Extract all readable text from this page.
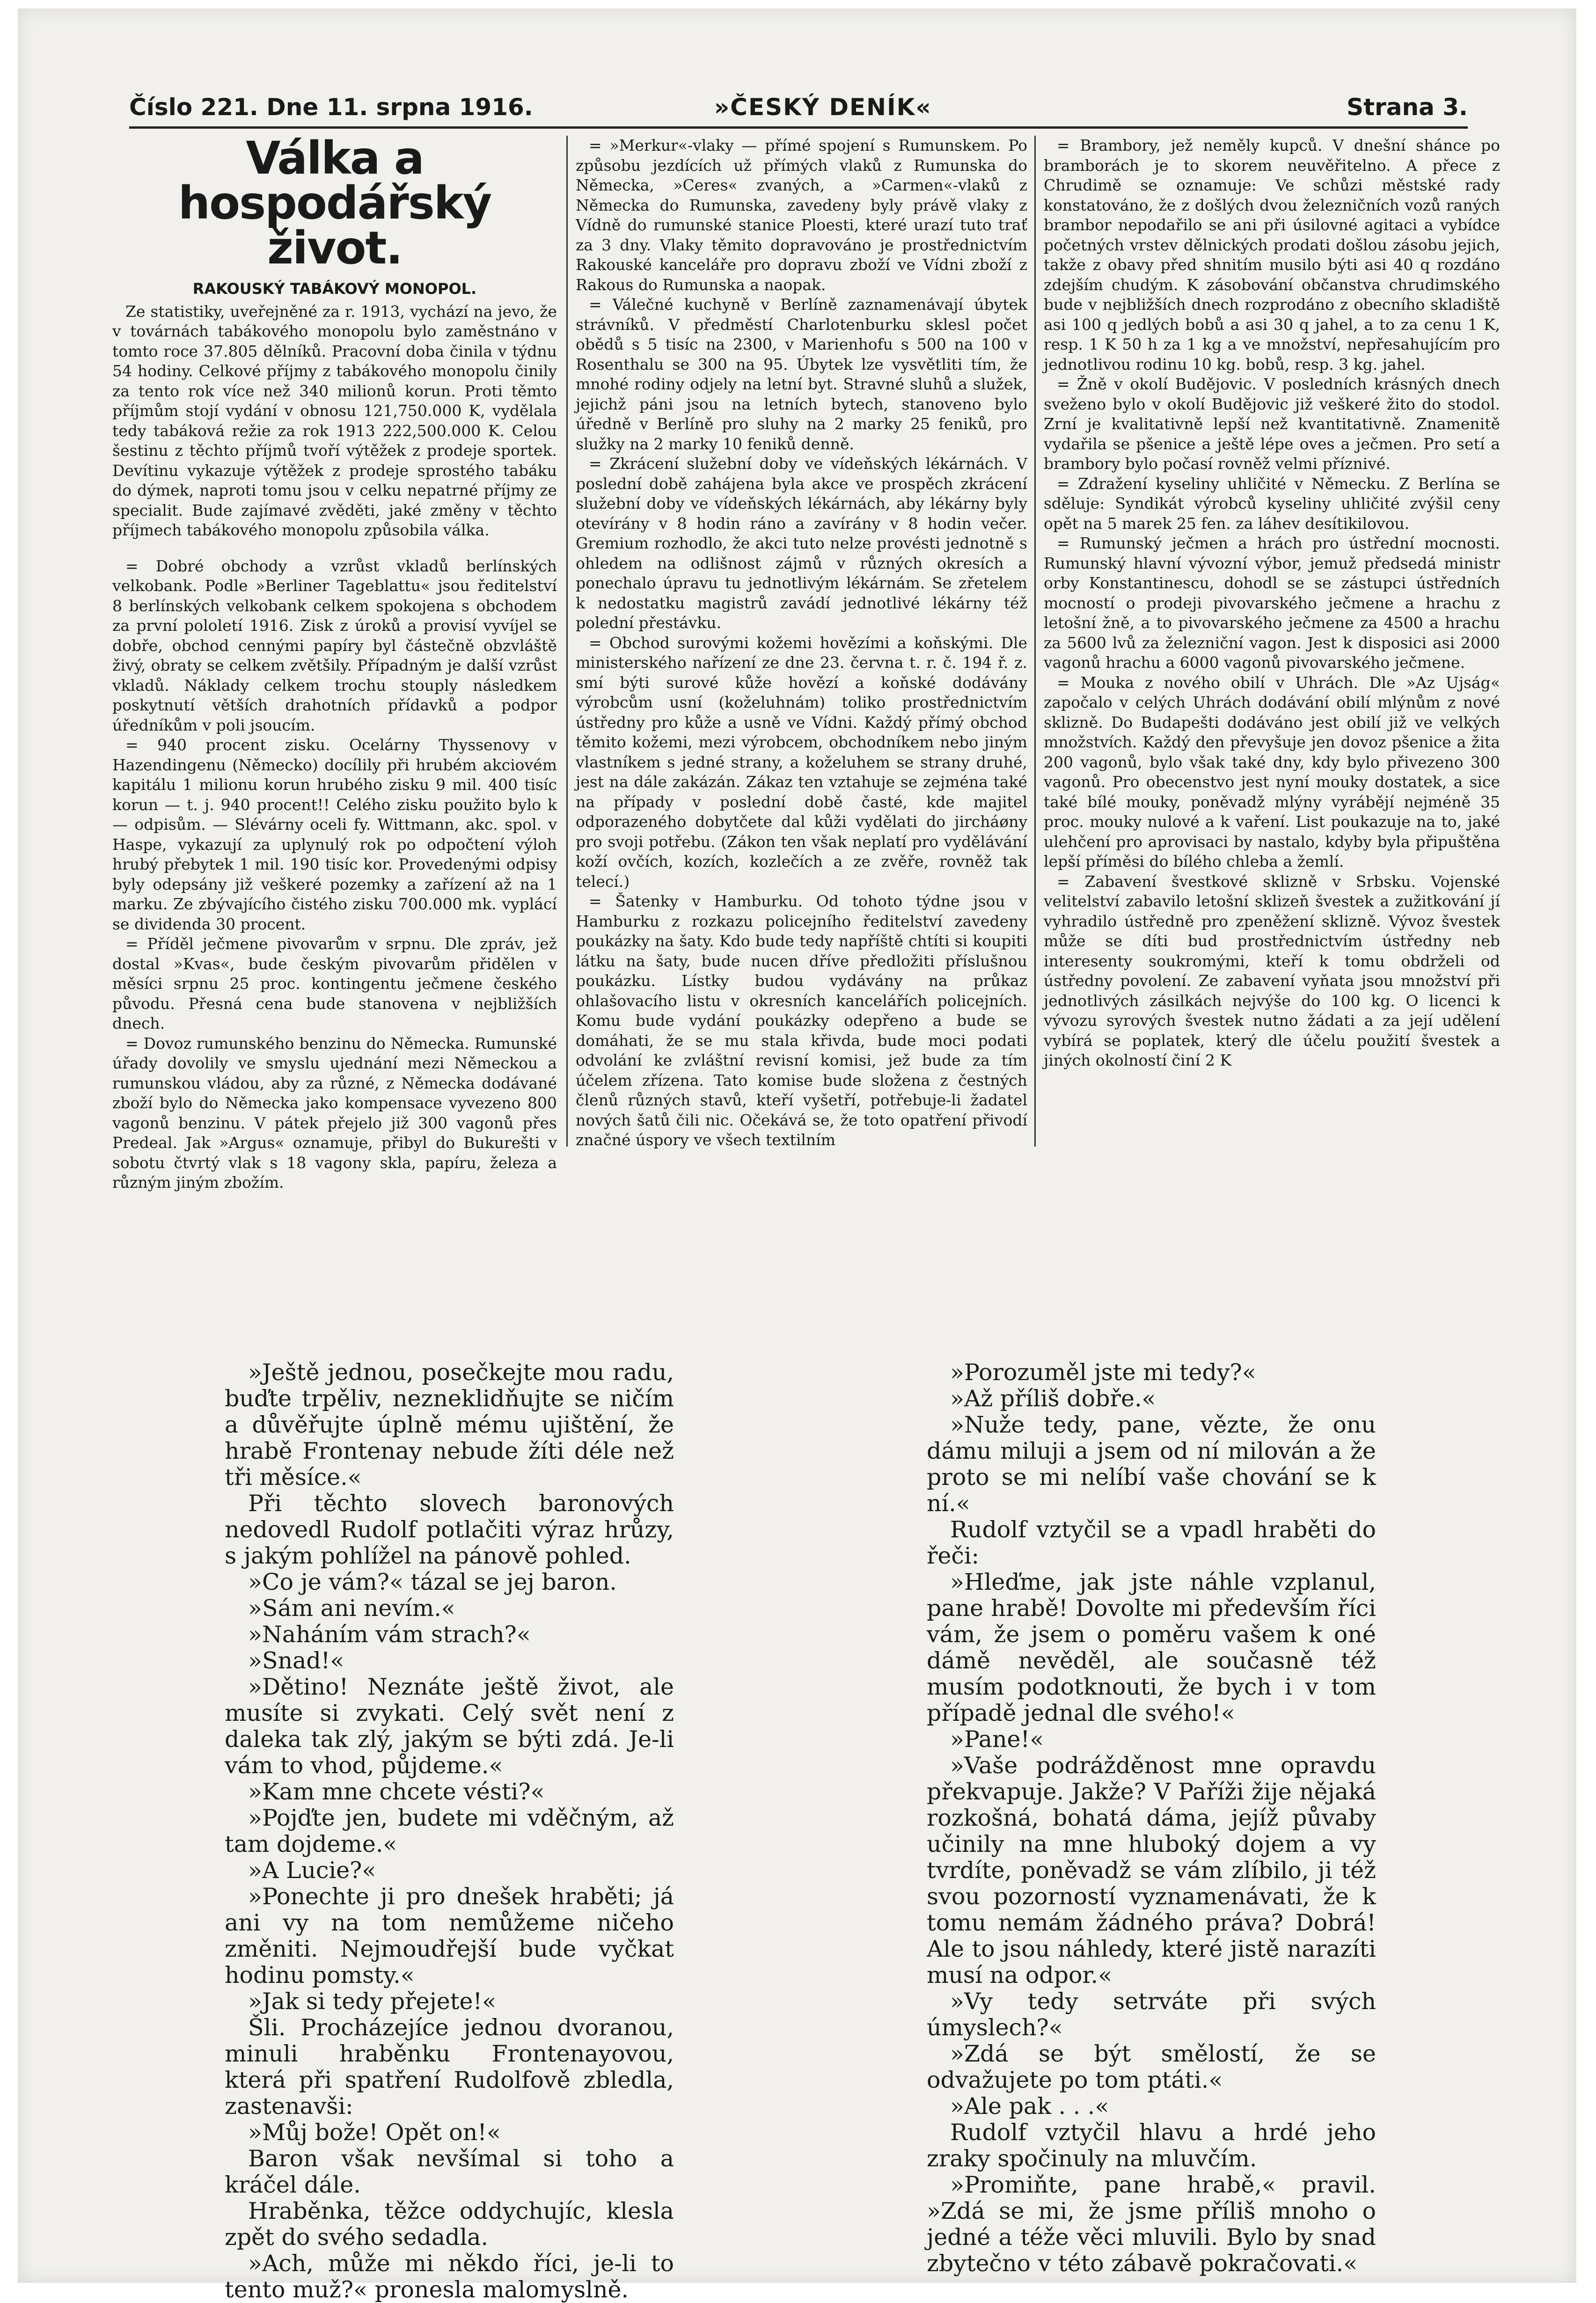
Číslo 221. Dne 11. srpna 1916.	»ČESKÝ DENÍK«	Strana 3.
Válka a hospodářský
život.
RAKOUSKÝ TABÁKOVÝ MONOPOL.

Ze statistiky, uveřejněné za r. 1913, vychází na jevo, že v továrnách tabákového monopolu bylo zaměstnáno v tomto roce 37.805 dělníků. Pracovní doba činila v týdnu 54 hodiny. Celkové příjmy z tabákového monopolu činily za tento rok více než 340 milionů korun. Proti těmto příjmům stojí vydání v obnosu 121,750.000 K, vydělala tedy tabáková režie za rok 1913 222,500.000 K. Celou šestinu z těchto příjmů tvoří výtěžek z prodeje sportek. Devítinu vykazuje výtěžek z prodeje sprostého tabáku do dýmek, naproti tomu jsou v celku nepatrné příjmy ze specialit. Bude zajímavé zvěděti, jaké změny v těchto příjmech tabákového monopolu způsobila válka.

= Dobré obchody a vzrůst vkladů berlínských velkobank. Podle »Berliner Tageblattu« jsou ředitelství 8 berlínských velkobank celkem spokojena s obchodem za první pololetí 1916. Zisk z úroků a provisí vyvíjel se dobře, obchod cennými papíry byl částečně obzvláště živý, obraty se celkem zvětšily. Případným je další vzrůst vkladů. Náklady celkem trochu stouply následkem poskytnutí větších drahotních přídavků a podpor úředníkům v poli jsoucím.

= 940 procent zisku. Ocelárny Thyssenovy v Hazendingenu (Německo) docílily při hrubém akciovém kapitálu 1 milionu korun hrubého zisku 9 mil. 400 tisíc korun — t. j. 940 procent!! Celého zisku použito bylo k — odpisům. — Slévárny oceli fy. Wittmann, akc. spol. v Haspe, vykazují za uplynulý rok po odpočtení výloh hrubý přebytek 1 mil. 190 tisíc kor. Provedenými odpisy byly odepsány již veškeré pozemky a zařízení až na 1 marku. Ze zbývajícího čistého zisku 700.000 mk. vyplácí se dividenda 30 procent.

= Příděl ječmene pivovarům v srpnu. Dle zpráv, jež dostal »Kvas«, bude českým pivovarům přidělen v měsíci srpnu 25 proc. kontingentu ječmene českého původu. Přesná cena bude stanovena v nejbližších dnech.

= Dovoz rumunského benzinu do Německa. Rumunské úřady dovolily ve smyslu ujednání mezi Německou a rumunskou vládou, aby za různé, z Německa dodávané zboží bylo do Německa jako kompensace vyvezeno 800 vagonů benzinu. V pátek přejelo již 300 vagonů přes Predeal. Jak »Argus« oznamuje, přibyl do Bukurešti v sobotu čtvrtý vlak s 18 vagony skla, papíru, železa a různým jiným zbožím.

= »Merkur«-vlaky — přímé spojení s Rumunskem. Po způsobu jezdících už přímých vlaků z Rumunska do Německa, »Ceres« zvaných, a »Carmen«-vlaků z Německa do Rumunska, zavedeny byly právě vlaky z Vídně do rumunské stanice Ploesti, které urazí tuto trať za 3 dny. Vlaky těmito dopravováno je prostřednictvím Rakouské kanceláře pro dopravu zboží ve Vídni zboží z Rakous do Rumunska a naopak.

= Válečné kuchyně v Berlíně zaznamenávají úbytek strávníků. V předměstí Charlotenburku sklesl počet obědů s 5 tisíc na 2300, v Marienhofu s 500 na 100 v Rosenthalu se 300 na 95. Úbytek lze vysvětliti tím, že mnohé rodiny odjely na letní byt. Stravné sluhů a služek, jejichž páni jsou na letních bytech, stanoveno bylo úředně v Berlíně pro sluhy na 2 marky 25 feniků, pro služky na 2 marky 10 feniků denně.

= Zkrácení služební doby ve vídeňských lékárnách. V poslední době zahájena byla akce ve prospěch zkrácení služební doby ve vídeňských lékárnách, aby lékárny byly otevírány v 8 hodin ráno a zavírány v 8 hodin večer. Gremium rozhodlo, že akci tuto nelze provésti jednotně s ohledem na odlišnost zájmů v různých okresích a ponechalo úpravu tu jednotlivým lékárnám. Se zřetelem k nedostatku magistrů zavádí jednotlivé lékárny též polední přestávku.

= Obchod surovými kožemi hovězími a koňskými. Dle ministerského nařízení ze dne 23. června t. r. č. 194 ř. z. smí býti surové kůže hovězí a koňské dodávány výrobcům usní (koželuhnám) toliko prostřednictvím ústředny pro kůže a usně ve Vídni. Každý přímý obchod těmito kožemi, mezi výrobcem, obchodníkem nebo jiným vlastníkem s jedné strany, a koželuhem se strany druhé, jest na dále zakázán. Zákaz ten vztahuje se zejména také na případy v poslední době časté, kde majitel odporazeného dobytčete dal kůži vydělati do jircháøny pro svoji potřebu. (Zákon ten však neplatí pro vydělávání koží ovčích, kozích, kozlečích a ze zvěře, rovněž tak telecí.)

= Šatenky v Hamburku. Od tohoto týdne jsou v Hamburku z rozkazu policejního ředitelství zavedeny poukázky na šaty. Kdo bude tedy napříště chtíti si koupiti látku na šaty, bude nucen dříve předložiti příslušnou poukázku. Lístky budou vydávány na průkaz ohlašovacího listu v okresních kancelářích policejních. Komu bude vydání poukázky odepřeno a bude se domáhati, že se mu stala křivda, bude moci podati odvolání ke zvláštní revisní komisi, jež bude za tím účelem zřízena. Tato komise bude složena z čestných členů různých stavů, kteří vyšetří, potřebuje-li žadatel nových šatů čili nic. Očekává se, že toto opatření přivodí značné úspory ve všech textilním

= Brambory, jež neměly kupců. V dnešní shánce po bramborách je to skorem neuvěřitelno. A přece z Chrudimě se oznamuje: Ve schůzi městské rady konstatováno, že z došlých dvou železničních vozů raných brambor nepodařilo se ani při úsilovné agitaci a vybídce početných vrstev dělnických prodati došlou zásobu jejich, takže z obavy před shnitím musilo býti asi 40 q rozdáno zdejším chudým. K zásobování občanstva chrudimského bude v nejbližších dnech rozprodáno z obecního skladiště asi 100 q jedlých bobů a asi 30 q jahel, a to za cenu 1 K, resp. 1 K 50 h za 1 kg a ve množství, nepřesahujícím pro jednotlivou rodinu 10 kg. bobů, resp. 3 kg. jahel.

= Žně v okolí Budějovic. V posledních krásných dnech sveženo bylo v okolí Budějovic již veškeré žito do stodol. Zrní je kvalitativně lepší než kvantitativně. Znamenitě vydařila se pšenice a ještě lépe oves a ječmen. Pro setí a brambory bylo počasí rovněž velmi příznivé.

= Zdražení kyseliny uhličité v Německu. Z Berlína se sděluje: Syndikát výrobců kyseliny uhličité zvýšil ceny opět na 5 marek 25 fen. za láhev desítikilovou.

= Rumunský ječmen a hrách pro ústřední mocnosti. Rumunský hlavní vývozní výbor, jemuž předsedá ministr orby Konstantinescu, dohodl se se zástupci ústředních mocností o prodeji pivovarského ječmene a hrachu z letošní žně, a to pivovarského ječmene za 4500 a hrachu za 5600 lvů za železniční vagon. Jest k disposici asi 2000 vagonů hrachu a 6000 vagonů pivovarského ječmene.

= Mouka z nového obilí v Uhrách. Dle »Az Ujság« započalo v celých Uhrách dodávání obilí mlýnům z nové sklizně. Do Budapešti dodáváno jest obilí již ve velkých množstvích. Každý den převyšuje jen dovoz pšenice a žita 200 vagonů, bylo však také dny, kdy bylo přivezeno 300 vagonů. Pro obecenstvo jest nyní mouky dostatek, a sice také bílé mouky, poněvadž mlýny vyrábějí nejméně 35 proc. mouky nulové a k vaření. List poukazuje na to, jaké ulehčení pro aprovisaci by nastalo, kdyby byla připuštěna lepší příměsi do bílého chleba a žemlí.

= Zabavení švestkové sklizně v Srbsku. Vojenské velitelství zabavilo letošní sklizeň švestek a zužitkování jí vyhradilo ústředně pro zpeněžení sklizně. Vývoz švestek může se díti bud prostřednictvím ústředny neb interesenty soukromými, kteří k tomu obdrželi od ústředny povolení. Ze zabavení vyňata jsou množství při jednotlivých zásilkách nejvýše do 100 kg. O licenci k vývozu syrových švestek nutno žádati a za její udělení vybírá se poplatek, který dle účelu použití švestek a jiných okolností činí 2 K

»Ještě jednou, posečkejte mou radu, buďte trpěliv, nezneklidňujte se ničím a důvěřujte úplně mému ujištění, že hrabě Frontenay nebude žíti déle než tři měsíce.«

Při těchto slovech baronových nedovedl Rudolf potlačiti výraz hrůzy, s jakým pohlížel na pánově pohled.

»Co je vám?« tázal se jej baron.

»Sám ani nevím.«

»Naháním vám strach?«

»Snad!«

»Dětino! Neznáte ještě život, ale musíte si zvykati. Celý svět není z daleka tak zlý, jakým se býti zdá. Je-li vám to vhod, půjdeme.«

»Kam mne chcete vésti?«

»Pojďte jen, budete mi vděčným, až tam dojdeme.«

»A Lucie?«

»Ponechte ji pro dnešek hraběti; já ani vy na tom nemůžeme ničeho změniti. Nejmoudřejší bude vyčkat hodinu pomsty.«

»Jak si tedy přejete!«

Šli. Procházejíce jednou dvoranou, minuli hraběnku Frontenayovou, která při spatření Rudolfově zbledla, zastenavši:

»Můj bože! Opět on!«

Baron však nevšímal si toho a kráčel dále.

Hraběnka, těžce oddychujíc, klesla zpět do svého sedadla.

»Ach, může mi někdo říci, je-li to tento muž?« pronesla malomyslně.

»Porozuměl jste mi tedy?«

»Až příliš dobře.«

»Nuže tedy, pane, vězte, že onu dámu miluji a jsem od ní milován a že proto se mi nelíbí vaše chování se k ní.«

Rudolf vztyčil se a vpadl hraběti do řeči:

»Hleďme, jak jste náhle vzplanul, pane hrabě! Dovolte mi především říci vám, že jsem o poměru vašem k oné dámě nevěděl, ale současně též musím podotknouti, že bych i v tom případě jednal dle svého!«

»Pane!«

»Vaše podrážděnost mne opravdu překvapuje. Jakže? V Paříži žije nějaká rozkošná, bohatá dáma, jejíž půvaby učinily na mne hluboký dojem a vy tvrdíte, poněvadž se vám zlíbilo, ji též svou pozorností vyznamenávati, že k tomu nemám žádného práva? Dobrá! Ale to jsou náhledy, které jistě narazíti musí na odpor.«

»Vy tedy setrváte při svých úmyslech?«

»Zdá se být smělostí, že se odvažujete po tom ptáti.«

»Ale pak . . .«

Rudolf vztyčil hlavu a hrdé jeho zraky spočinuly na mluvčím.

»Promiňte, pane hrabě,« pravil. »Zdá se mi, že jsme příliš mnoho o jedné a téže věci mluvili. Bylo by snad zbytečno v této zábavě pokračovati.«
